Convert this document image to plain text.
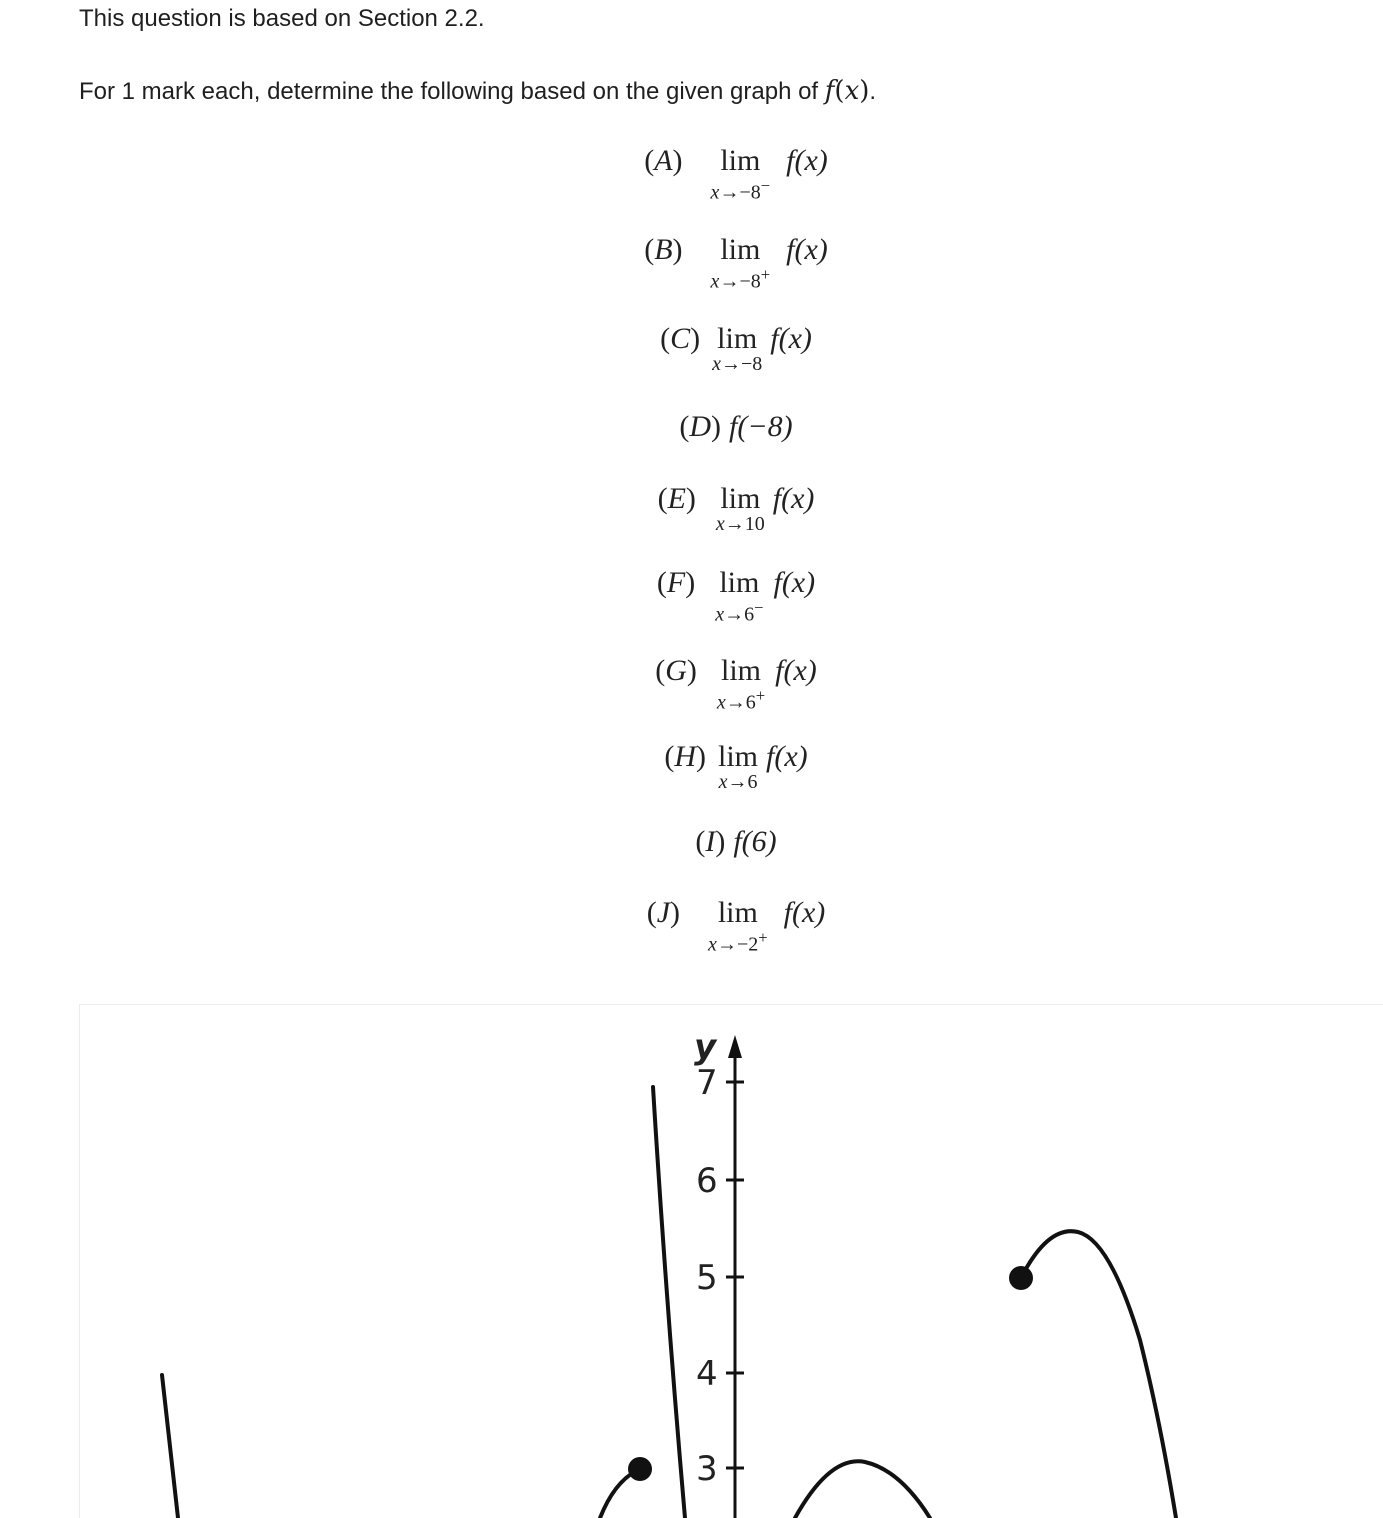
This question is based on Section 2.2.
For 1 mark each, determine the following based on the given graph of f(x).
(A) lim
x→−8−
f(x)
(B) lim
x→−8+
f(x)
(C) lim
x→−8
f(x)
(D) f(−8)
(E) lim
x→10
f(x)
(F) lim
x→6−
f(x)
(G) lim
x→6+
f(x)
(H) lim
x→6
f(x)
(I) f(6)
(J) lim
x→−2+
f(x)
y
7
6
5
4
3
